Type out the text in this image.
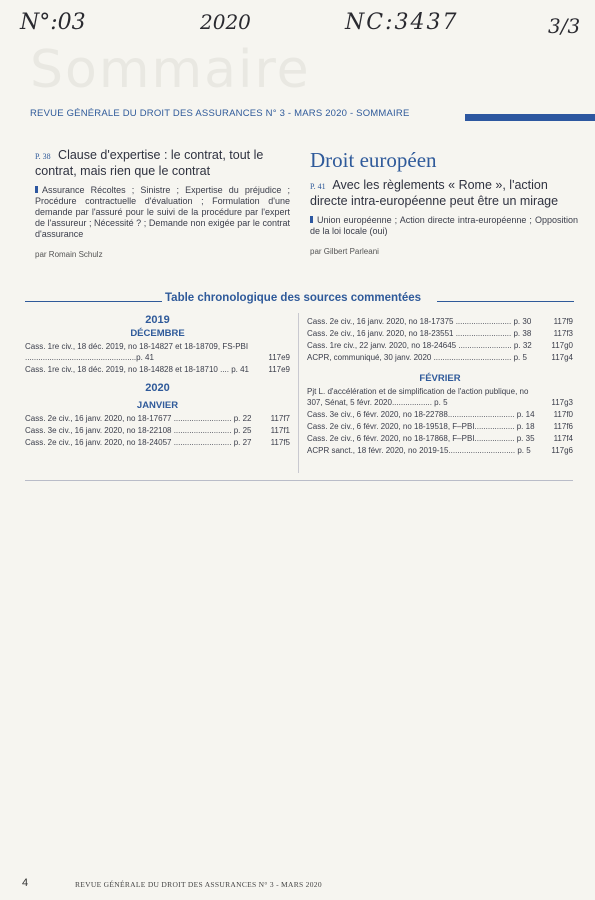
N°:03	2020	NC:3437	3/3
Sommaire
REVUE GÉNÉRALE DU DROIT DES ASSURANCES N° 3 - MARS 2020 - SOMMAIRE
P. 38 Clause d'expertise : le contrat, tout le contrat, mais rien que le contrat
Assurance Récoltes ; Sinistre ; Expertise du préjudice ; Procédure contractuelle d'évaluation ; Formulation d'une demande par l'assuré pour le suivi de la procédure par l'expert de l'assureur ; Nécessité ? ; Demande non exigée par le contrat d'assurance
par Romain Schulz
Droit européen
P. 41 Avec les règlements « Rome », l'action directe intra-européenne peut être un mirage
Union européenne ; Action directe intra-européenne ; Opposition de la loi locale (oui)
par Gilbert Parleani
Table chronologique des sources commentées
2019
DÉCEMBRE
Cass. 1re civ., 18 déc. 2019, no 18-14827 et 18-18709, FS-PBI ..................................................p. 41	117e9
Cass. 1re civ., 18 déc. 2019, no 18-14828 et 18-18710 .... p. 41	117e9
2020
JANVIER
Cass. 2e civ., 16 janv. 2020, no 18-17677 .......................... p. 22	117f7
Cass. 3e civ., 16 janv. 2020, no 18-22108 .......................... p. 25	117f1
Cass. 2e civ., 16 janv. 2020, no 18-24057 .......................... p. 27	117f5
Cass. 2e civ., 16 janv. 2020, no 18-17375 ......................... p. 30	117f9
Cass. 2e civ., 16 janv. 2020, no 18-23551 ......................... p. 38	117f3
Cass. 1re civ., 22 janv. 2020, no 18-24645 ........................ p. 32	117g0
ACPR, communiqué, 30 janv. 2020 ................................... p. 5	117g4
FÉVRIER
Pjt L. d'accélération et de simplification de l'action publique, no 307, Sénat, 5 févr. 2020.................. p. 5	117g3
Cass. 3e civ., 6 févr. 2020, no 18-22788.............................. p. 14	117f0
Cass. 2e civ., 6 févr. 2020, no 18-19518, F–PBI.................. p. 18	117f6
Cass. 2e civ., 6 févr. 2020, no 18-17868, F–PBI.................. p. 35	117f4
ACPR sanct., 18 févr. 2020, no 2019-15.............................. p. 5	117g6
4	REVUE GÉNÉRALE DU DROIT DES ASSURANCES N° 3 - MARS 2020
